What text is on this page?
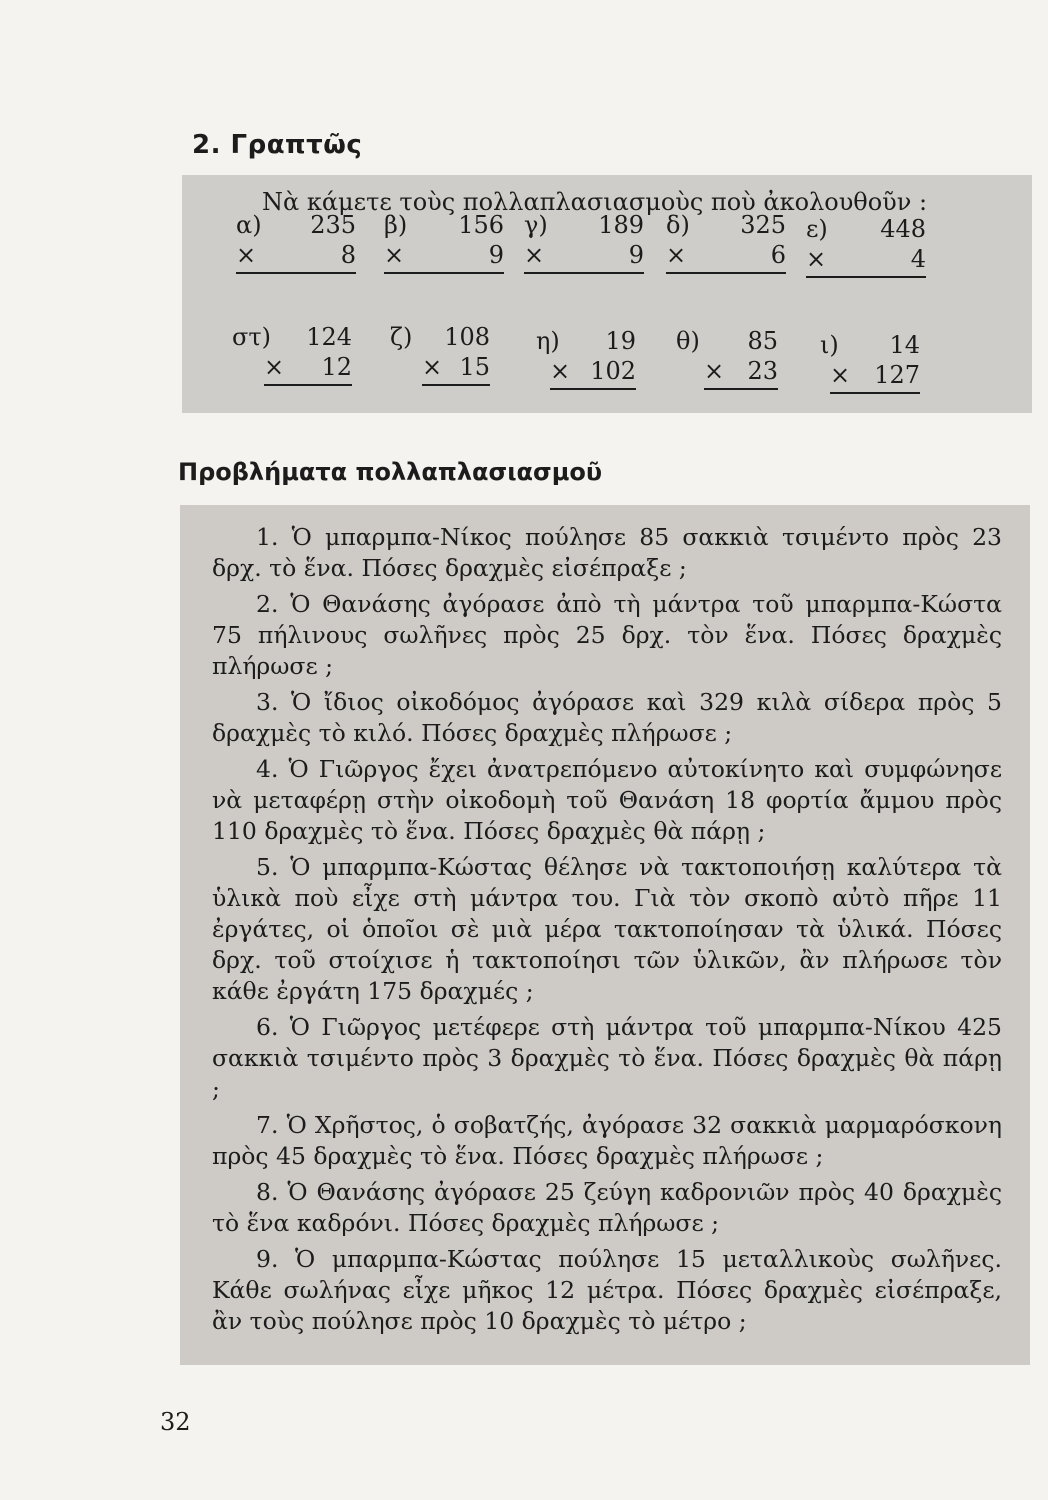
2. Γραπτῶς

Νὰ κάμετε τοὺς πολλαπλασιασμοὺς ποὺ ἀκολουθοῦν :

α) 235
×	8
β) 156
×	9
γ) 189
×	9
δ) 325
×	6
ε) 448
×	4
στ) 124
× 12
ζ) 108
× 15
η) 19
× 102
θ) 85
× 23
ι) 14
× 127
Προβλήματα πολλαπλασιασμοῦ

1. Ὁ μπαρμπα-Νίκος πούλησε 85 σακκιὰ τσιμέντο πρὸς 23 δρχ. τὸ ἕνα. Πόσες δραχμὲς εἰσέπραξε ;

2. Ὁ Θανάσης ἀγόρασε ἀπὸ τὴ μάντρα τοῦ μπαρμπα-Κώστα 75 πήλινους σωλῆνες πρὸς 25 δρχ. τὸν ἕνα. Πόσες δραχμὲς πλήρωσε ;

3. Ὁ ἴδιος οἰκοδόμος ἀγόρασε καὶ 329 κιλὰ σίδερα πρὸς 5 δραχμὲς τὸ κιλό. Πόσες δραχμὲς πλήρωσε ;

4. Ὁ Γιῶργος ἔχει ἀνατρεπόμενο αὐτοκίνητο καὶ συμφώνησε νὰ μεταφέρῃ στὴν οἰκοδομὴ τοῦ Θανάση 18 φορτία ἄμμου πρὸς 110 δραχμὲς τὸ ἕνα. Πόσες δραχμὲς θὰ πάρῃ ;

5. Ὁ μπαρμπα-Κώστας θέλησε νὰ τακτοποιήσῃ καλύτερα τὰ ὑλικὰ ποὺ εἶχε στὴ μάντρα του. Γιὰ τὸν σκοπὸ αὐτὸ πῆρε 11 ἐργάτες, οἱ ὁποῖοι σὲ μιὰ μέρα τακτοποίησαν τὰ ὑλικά. Πόσες δρχ. τοῦ στοίχισε ἡ τακτοποίησι τῶν ὑλικῶν, ἂν πλήρωσε τὸν κάθε ἐργάτη 175 δραχμές ;

6. Ὁ Γιῶργος μετέφερε στὴ μάντρα τοῦ μπαρμπα-Νίκου 425 σακκιὰ τσιμέντο πρὸς 3 δραχμὲς τὸ ἕνα. Πόσες δραχμὲς θὰ πάρῃ ;

7. Ὁ Χρῆστος, ὁ σοβατζής, ἀγόρασε 32 σακκιὰ μαρμαρόσκονη πρὸς 45 δραχμὲς τὸ ἕνα. Πόσες δραχμὲς πλήρωσε ;

8. Ὁ Θανάσης ἀγόρασε 25 ζεύγη καδρονιῶν πρὸς 40 δραχμὲς τὸ ἕνα καδρόνι. Πόσες δραχμὲς πλήρωσε ;

9. Ὁ μπαρμπα-Κώστας πούλησε 15 μεταλλικοὺς σωλῆνες. Κάθε σωλήνας εἶχε μῆκος 12 μέτρα. Πόσες δραχμὲς εἰσέπραξε, ἂν τοὺς πούλησε πρὸς 10 δραχμὲς τὸ μέτρο ;

32
